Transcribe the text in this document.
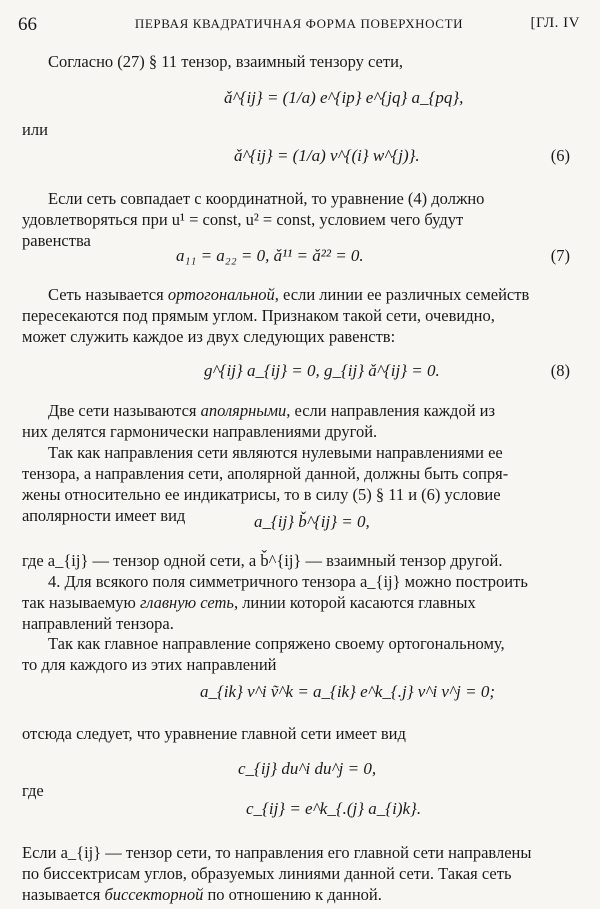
66	ПЕРВАЯ КВАДРАТИЧНАЯ ФОРМА ПОВЕРХНОСТИ	[ГЛ. IV
Согласно (27) § 11 тензор, взаимный тензору сети,
ǎ^{ij} = (1/a) e^{ip} e^{jq} a_{pq},
или
ǎ^{ij} = (1/a) v^{(i} w^{j)}.	(6)
Если сеть совпадает с координатной, то уравнение (4) должно
удовлетворяться при u¹ = const, u² = const, условием чего будут
равенства
a₁₁ = a₂₂ = 0, ǎ¹¹ = ǎ²² = 0.	(7)
Сеть называется ортогональной, если линии ее различных семейств
пересекаются под прямым углом. Признаком такой сети, очевидно,
может служить каждое из двух следующих равенств:
g^{ij} a_{ij} = 0, g_{ij} ǎ^{ij} = 0.	(8)
Две сети называются аполярными, если направления каждой из
них делятся гармонически направлениями другой.
Так как направления сети являются нулевыми направлениями ее
тензора, а направления сети, аполярной данной, должны быть сопря-
жены относительно ее индикатрисы, то в силу (5) § 11 и (6) условие
аполярности имеет вид	a_{ij} b̌^{ij} = 0,
где a_{ij} — тензор одной сети, а b̌^{ij} — взаимный тензор другой.
4. Для всякого поля симметричного тензора a_{ij} можно построить
так называемую главную сеть, линии которой касаются главных
направлений тензора.
Так как главное направление сопряжено своему ортогональному,
то для каждого из этих направлений
a_{ik} v^i ṽ^k = a_{ik} e^k_{.j} v^i v^j = 0;
отсюда следует, что уравнение главной сети имеет вид
c_{ij} du^i du^j = 0,
где
c_{ij} = e^k_{.(j} a_{i)k}.
Если a_{ij} — тензор сети, то направления его главной сети направлены
по биссектрисам углов, образуемых линиями данной сети. Такая сеть
называется биссекторной по отношению к данной.
